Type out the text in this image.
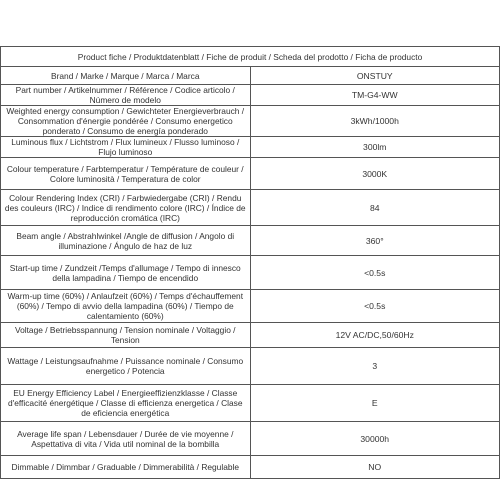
Product fiche / Produktdatenblatt / Fiche de produit / Scheda del prodotto / Ficha de producto	
Brand / Marke / Marque / Marca / Marca	ONSTUY
Part number / Artikelnummer / Référence / Codice articolo / Número de modelo	TM-G4-WW
Weighted energy consumption / Gewichteter Energieverbrauch / Consommation d'énergie pondérée / Consumo energetico ponderato / Consumo de energía ponderado	3kWh/1000h
Luminous flux / Lichtstrom / Flux lumineux / Flusso luminoso / Flujo luminoso	300lm
Colour temperature / Farbtemperatur / Température de couleur / Colore luminosità / Temperatura de color	3000K
Colour Rendering Index (CRI) / Farbwiedergabe (CRI) / Rendu des couleurs (IRC) / Indice di rendimento colore (IRC) / Índice de reproducción cromática (IRC)	84
Beam angle / Abstrahlwinkel /Angle de diffusion / Angolo di illuminazione / Ángulo de haz de luz	360°
Start-up time / Zundzeit /Temps d'allumage / Tempo di innesco della lampadina / Tiempo de encendido	<0.5s
Warm-up time (60%) / Anlaufzeit (60%) / Temps d'échauffement (60%) / Tempo di avvio della lampadina (60%) / Tiempo de calentamiento (60%)	<0.5s
Voltage / Betriebsspannung / Tension nominale / Voltaggio / Tension	12V AC/DC,50/60Hz
Wattage / Leistungsaufnahme / Puissance nominale / Consumo energetico / Potencia	3
EU Energy Efficiency Label / Energieeffizienzklasse / Classe d'efficacité énergétique / Classe di efficienza energetica / Clase de eficiencia energética	E
Average life span / Lebensdauer / Durée de vie moyenne / Aspettativa di vita / Vida util nominal de la bombilla	30000h
Dimmable / Dimmbar / Graduable / Dimmerabilità / Regulable	NO
